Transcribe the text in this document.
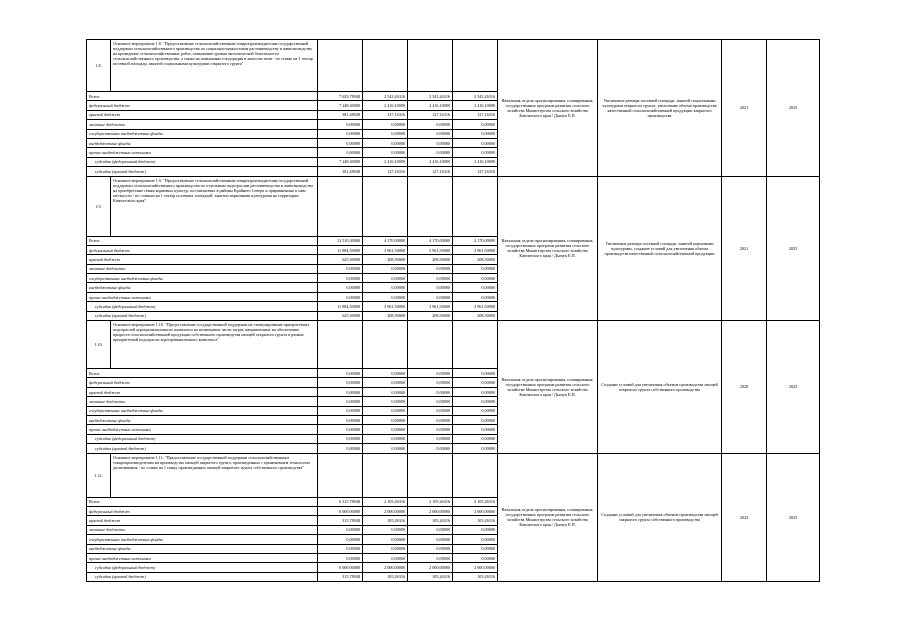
1.8.	Основное мероприятие 1.8. "Предоставление сельскохозяйственным товаропроизводителям государственной поддержки сельскохозяйственного производства по социально-ценностным растениеводству и животноводству на проведение сельскохозяйственных работ, повышение уровня экологической безопасности сельскохозяйственного производства, а также на повышение плодородия и качества почв - по ставке на 1 гектар посевной площади, занятой социальными культурами открытого грунта"					Начальник отдела прогнозирования, планирования, государственных программ развития сельского хозяйства Министерства сельского хозяйства Камчатского края / Дьячук Е.П.	Увеличение размера посевной площади, занятой социальными культурами открытого грунта, увеличение объема производства качественной сельскохозяйственной продукции закрытого производства	2021	2025
Всего:		7 629,78948	2 543,26316	2 543,26316	2 543,26316				
федеральный бюджет		7 248,30000	2 416,10000	2 416,10000	2 416,10000				
краевой бюджет		381,48948	127,16316	127,16316	127,16316				
местные бюджеты		0,00000	0,00000	0,00000	0,00000				
государственные внебюджетные фонды		0,00000	0,00000	0,00000	0,00000				
внебюджетные фонды		0,00000	0,00000	0,00000	0,00000				
прочие внебюджетные источники		0,00000	0,00000	0,00000	0,00000				
субсидии (федеральный бюджет)		7 248,30000	2 416,10000	2 416,10000	2 416,10000				
субсидии (краевой бюджет)		381,48948	127,16316	127,16316	127,16316				
1.9.	Основное мероприятие 1.9. "Предоставление сельскохозяйственным товаропроизводителям государственной поддержки сельскохозяйственного производства по отдельным подотраслям растениеводства и животноводства на приобретение семян кормовых культур, поставляемых в районы Крайнего Севера и приравненные к ним местности - по ставкам на 1 гектар посевных площадей, занятых кормовыми культурами на территории Камчатского края"					Начальник отдела прогнозирования, планирования, государственных программ развития сельского хозяйства Министерства сельского хозяйства Камчатского края / Дьячук Е.П.	Увеличение размера посевной площади, занятой кормовыми культурами, создание условий для увеличения объема производства качественной сельскохозяйственной продукции	2021	2025
Всего:		12 510,30000	4 170,00000	4 170,00000	4 170,00000				
федеральный бюджет		11 884,50000	3 961,50000	3 961,50000	3 961,50000				
краевой бюджет		625,50000	208,50000	208,50000	208,50000				
местные бюджеты		0,00000	0,00000	0,00000	0,00000				
государственные внебюджетные фонды		0,00000	0,00000	0,00000	0,00000				
внебюджетные фонды		0,00000	0,00000	0,00000	0,00000				
прочие внебюджетные источники		0,00000	0,00000	0,00000	0,00000				
субсидии (федеральный бюджет)		11 884,50000	3 961,50000	3 961,50000	3 961,50000				
субсидии (краевой бюджет)		625,50000	208,50000	208,50000	208,50000				
1.10.	Основное мероприятие 1.10. "Предоставление государственной поддержки на стимулирование приоритетных подотраслей агропромышленного комплекса на возмещение части затрат, направленных на обеспечение прироста сельскохозяйственной продукции собственного производства овощей открытого грунта в рамках приоритетной подотрасли агропромышленного комплекса"					Начальник отдела прогнозирования, планирования, государственных программ развития сельского хозяйства Министерства сельского хозяйства Камчатского края / Дьячук Е.П.	Создание условий для увеличения объемов производства овощей открытого грунта собственного производства	2020	2025
Всего:		0,00000	0,00000	0,00000	0,00000				
федеральный бюджет		0,00000	0,00000	0,00000	0,00000				
краевой бюджет		0,00000	0,00000	0,00000	0,00000				
местные бюджеты		0,00000	0,00000	0,00000	0,00000				
государственные внебюджетные фонды		0,00000	0,00000	0,00000	0,00000				
внебюджетные фонды		0,00000	0,00000	0,00000	0,00000				
прочие внебюджетные источники		0,00000	0,00000	0,00000	0,00000				
субсидии (федеральный бюджет)		0,00000	0,00000	0,00000	0,00000				
субсидии (краевой бюджет)		0,00000	0,00000	0,00000	0,00000				
1.11.	Основное мероприятие 1.11. "Предоставление государственной поддержки сельскохозяйственным товаропроизводителям на производство овощей закрытого грунта, произведенных с применением технологии досвечивания - по ставке на 1 тонну произведенных овощей закрытого грунта собственного производства"					Начальник отдела прогнозирования, планирования, государственных программ развития сельского хозяйства Министерства сельского хозяйства Камчатского края / Дьячук Е.П.	Создание условий для увеличения объемов производства овощей закрытого грунта собственного производства	2023	2025
Всего:		6 315,78948	2 105,26316	2 105,26316	2 105,26316				
федеральный бюджет		6 000,00000	2 000,00000	2 000,00000	2 000,00000				
краевой бюджет		315,78948	105,26316	105,26316	105,26316				
местные бюджеты		0,00000	0,00000	0,00000	0,00000				
государственные внебюджетные фонды		0,00000	0,00000	0,00000	0,00000				
внебюджетные фонды		0,00000	0,00000	0,00000	0,00000				
прочие внебюджетные источники		0,00000	0,00000	0,00000	0,00000				
субсидии (федеральный бюджет)		6 000,00000	2 000,00000	2 000,00000	2 000,00000				
субсидии (краевой бюджет)		315,78948	105,26316	105,26316	105,26316				
